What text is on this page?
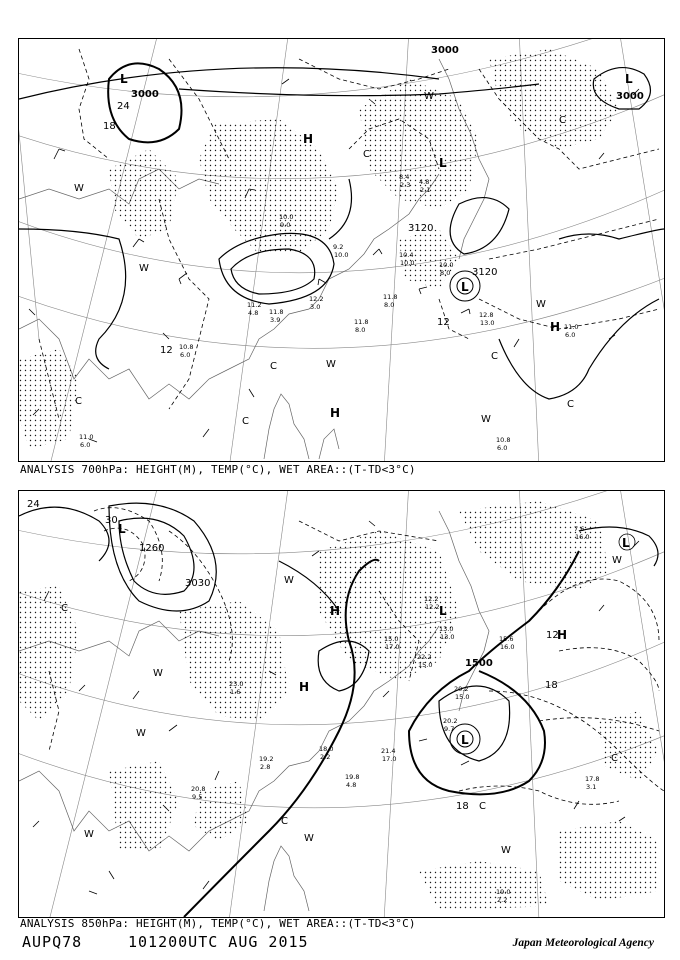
11.0
6.0
10.8
6.0
12.8
13.0
10.0
8.0
11.2
4.8
11.8
8.0
9.2
10.0	10.4
10.0
10.0
9.0
11.8
3.9
12.2
3.0
8.4
2.3 4.8
2.1
11.8
8.0
10.8
6.0
11.0
6.0
3000
3000
3000
3120
3120
24
18
12
12
L	L
L
L
H
H
H
W
W
W
W
W
W
C
C
C
C
C
C
C
ANALYSIS 700hPa: HEIGHT(M), TEMP(°C), WET AREA::(T-TD<3°C)
19.0
2.2
17.8
3.1
20.2
9.7
19.8
4.8
21.4
17.0
20.2
15.0
22.2
15.0
19.2
2.8
18.0
2.2
12.2
12.2
13.0
13.0	15.6
16.0
20.8
9.5
7.6
16.0
23.0
1.6
15.0
17.0
1500
1260
3030
30
24
18
18
12
L
L
L
L
H
H
H
W
W
W
W	W
W
W
C
C
C
C
ANALYSIS 850hPa: HEIGHT(M), TEMP(°C), WET AREA::(T-TD<3°C)
AUPQ78	101200UTC AUG 2015	Japan Meteorological Agency
